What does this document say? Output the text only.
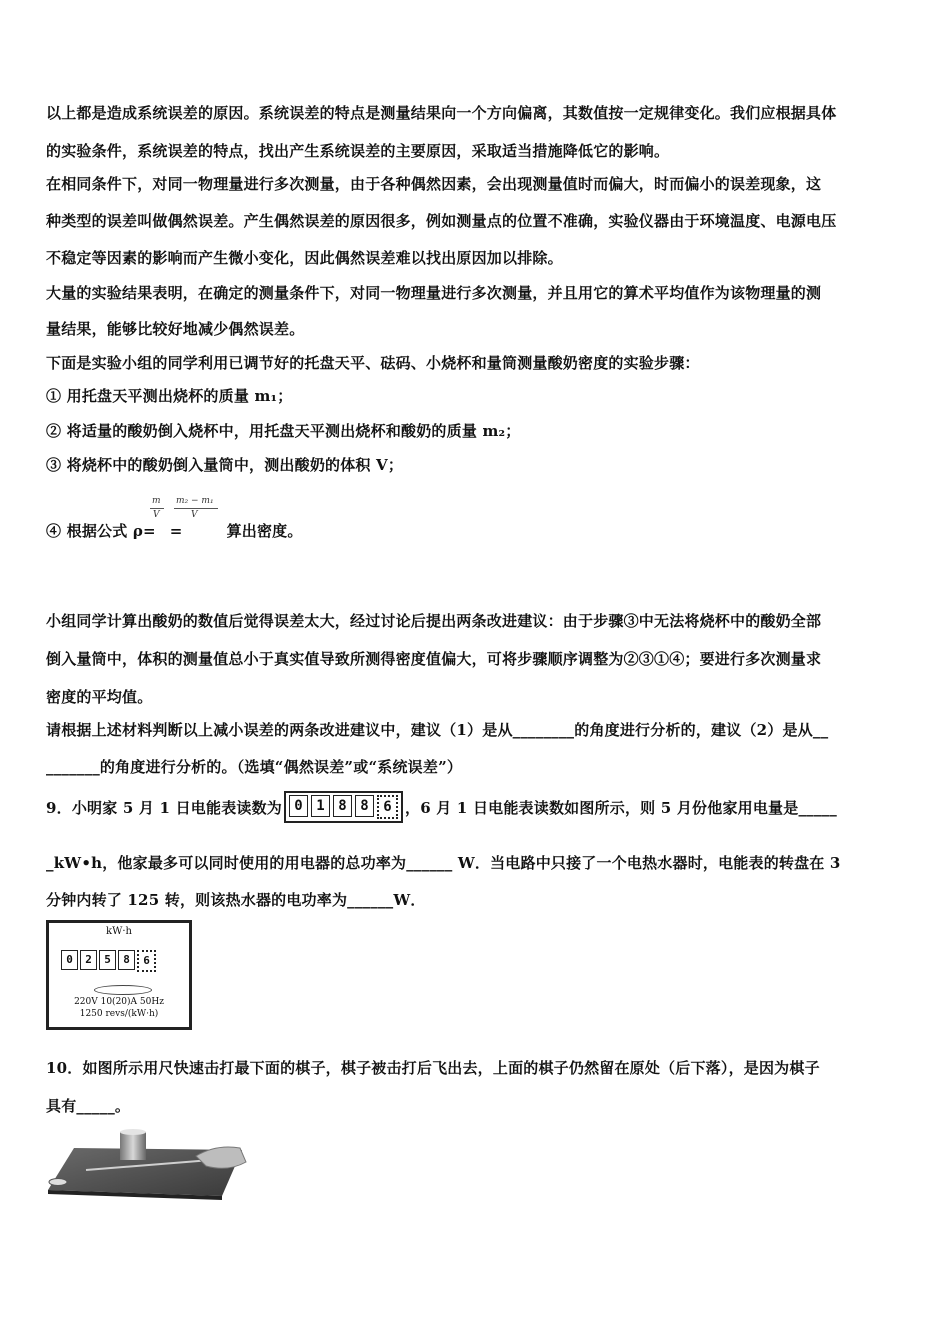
以上都是造成系统误差的原因。系统误差的特点是测量结果向一个方向偏离，其数值按一定规律变化。我们应根据具体
的实验条件，系统误差的特点，找出产生系统误差的主要原因，采取适当措施降低它的影响。
在相同条件下，对同一物理量进行多次测量，由于各种偶然因素，会出现测量值时而偏大，时而偏小的误差现象，这
种类型的误差叫做偶然误差。产生偶然误差的原因很多，例如测量点的位置不准确，实验仪器由于环境温度、电源电压
不稳定等因素的影响而产生微小变化，因此偶然误差难以找出原因加以排除。
大量的实验结果表明，在确定的测量条件下，对同一物理量进行多次测量，并且用它的算术平均值作为该物理量的测
量结果，能够比较好地减少偶然误差。
下面是实验小组的同学利用已调节好的托盘天平、砝码、小烧杯和量筒测量酸奶密度的实验步骤：
① 用托盘天平测出烧杯的质量 m₁；
② 将适量的酸奶倒入烧杯中，用托盘天平测出烧杯和酸奶的质量 m₂；
③ 将烧杯中的酸奶倒入量筒中，测出酸奶的体积 V；
④ 根据公式 ρ= =	算出密度。
m
V
m₂ − m₁
V
小组同学计算出酸奶的数值后觉得误差太大，经过讨论后提出两条改进建议：由于步骤③中无法将烧杯中的酸奶全部
倒入量筒中，体积的测量值总小于真实值导致所测得密度值偏大，可将步骤顺序调整为②③①④；要进行多次测量求
密度的平均值。
请根据上述材料判断以上减小误差的两条改进建议中，建议（1）是从________的角度进行分析的，建议（2）是从__
_______的角度进行分析的。（选填“偶然误差”或“系统误差”）
9．小明家 5 月 1 日电能表读数为 0 1 8 8	6 ，6 月 1 日电能表读数如图所示，则 5 月份他家用电量是_____
_kW•h，他家最多可以同时使用的用电器的总功率为______ W．当电路中只接了一个电热水器时，电能表的转盘在 3
分钟内转了 125 转，则该热水器的电功率为______W．
kW·h
0	2	5	8	6
220V 10(20)A 50Hz
1250 revs/(kW·h)
10．如图所示用尺快速击打最下面的棋子，棋子被击打后飞出去，上面的棋子仍然留在原处（后下落），是因为棋子
具有_____。
